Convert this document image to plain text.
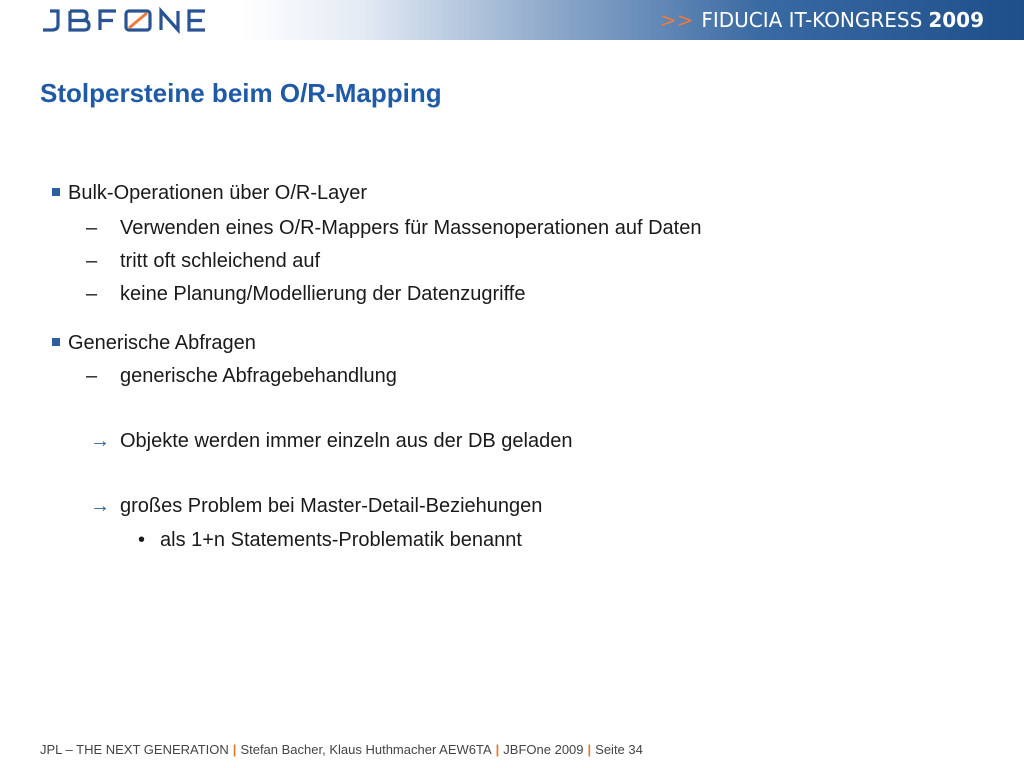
>> FIDUCIA IT-KONGRESS 2009
Stolpersteine beim O/R-Mapping
Bulk-Operationen über O/R-Layer
– Verwenden eines O/R-Mappers für Massenoperationen auf Daten
– tritt oft schleichend auf
– keine Planung/Modellierung der Datenzugriffe
Generische Abfragen
– generische Abfragebehandlung
→ Objekte werden immer einzeln aus der DB geladen
→ großes Problem bei Master-Detail-Beziehungen
• als 1+n Statements-Problematik benannt
JPL – THE NEXT GENERATION | Stefan Bacher, Klaus Huthmacher AEW6TA | JBFOne 2009 | Seite 34
